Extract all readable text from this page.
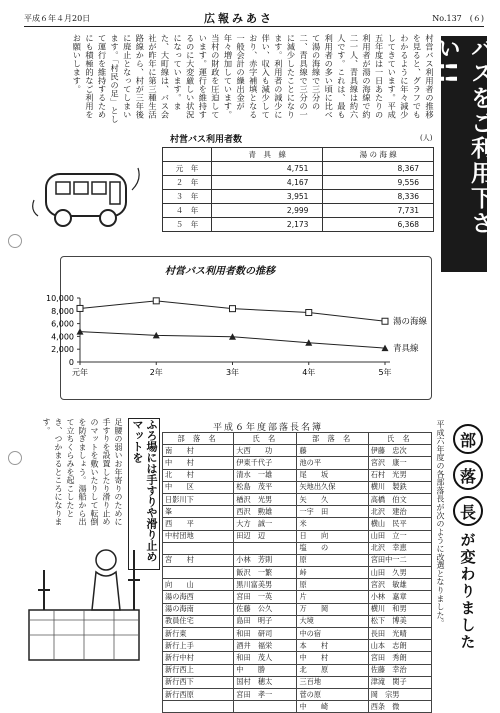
平成６年４月20日	広報みあさ	No.137　(６)
バスをご利用下さい!!
村営バス利用者の推移を見ると、グラフでもわかるように年々減少してきています。平成五年度は一日あたりの利用者が湯の海線で約二一人、青具線は約六人です。これは、最も利用者の多い頃に比べて湯の海線で三分の二、青具線で三分の一に減少したことになります。利用者の減少に伴い、収入も減少しており、赤字補填となる一般会計の繰出金が年々増加しています。当村の財政を圧迫しています。運行を維持するのに大変厳しい状況になっています。また、大町線は、バス会社が昨年に第三種生活路線から、村が三年後に廃止となってしまいます。「村民の足」として運行を維持するためにも積極的なご利用をお願いします。
村営バス利用者数	(人)
	青　具　線	湯 の 海 線
元　年	4,751	8,367
２　年	4,167	9,556
３　年	3,951	8,336
４　年	2,999	7,731
５　年	2,173	6,368
村営バス利用者数の推移
10,000
8,000
6,000
4,000
2,000
0
元年	2年	3年	4年	5年
湯の海線
青具線
平成６年度部落長名簿
部 落 名	氏 名	部 落 名	氏 名
南　　村	大西　　功	藤　　　	伊藤　忠次
中　　村	伊東千代子	池の平	宮沢　康一
北　　村	清水　一雄	尾　　坂	石村　光男
中　　区	松島　茂平	矢地出久保	横川　製鉄
日影川下	楢沢　光男	矢　　久	高橋　伯文
峯　　　	西沢　勲雄	一宇　田	北沢　建治
西　　平	大方　誠一	米　　　	横山　民平
中村団地	田辺　辺	日　　向	山田　立一
		塩　　の	北沢　幸恵
宮　　村	小林　芳則	原　　　	宮田中一二
	飯沢　一繁	峠　　　	山田　久男
向　　山	黒川富美男	原　　　	宮沢　敏雄
湯の海西	宮田　一英	片　　　	小林　嘉章
湯の海南	佐藤　公久	万　　岡	横川　和男
教員住宅	島田　明子	大境　　	松下　博美
新行東	和田　研司	中の宿	長田　光晴
新行上手	酒井　福栄	本　　村	山本　志朗
新行中村	和田　茂人	中　　村	宮田　秀朗
新行西上	中　　勝	北　　原	佐藤　幸治
新行西下	国村　穂太	三百地	津滝　関子
新行西原	宮田　孝一	菅の原	岡　宗男
		中　　崎	西条　微
部
落
長
が変わりました
平成六年度の各部落長が次のように改選となりました。
ふろ場には手すりや滑り止めマットを
足腰の弱いお年寄りのために手すりを設置したり滑り止めのマットを敷いたりして転倒を防ぎましょう。湯船から出て立ちくらみを起こしたとき、つかまるところになります。
